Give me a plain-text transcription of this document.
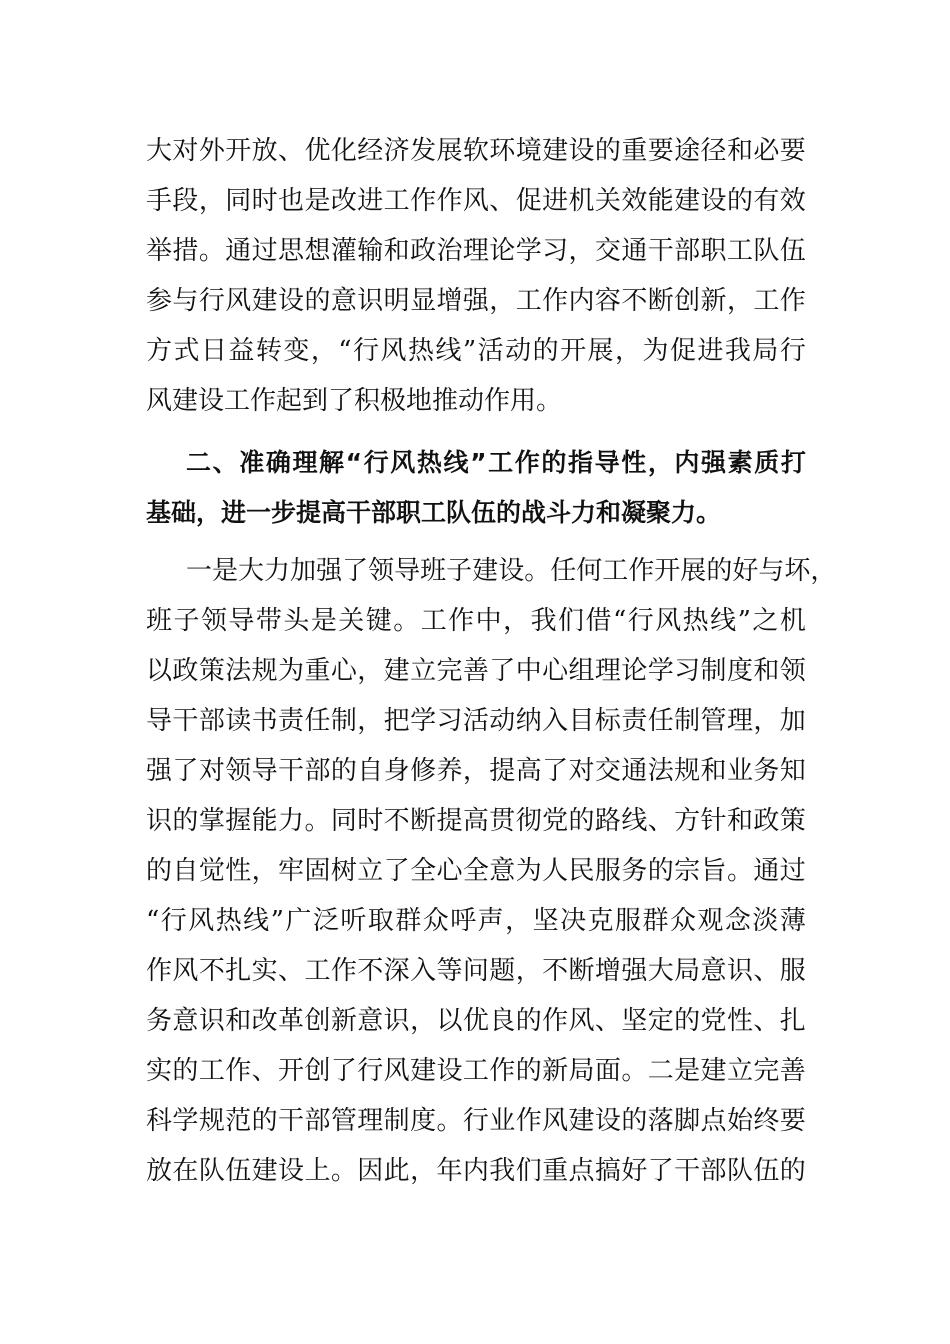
大 对 外 开 放 、 优 化 经 济 发 展 软 环 境 建 设 的 重 要 途 径 和 必 要
手 段 ， 同 时 也 是 改 进 工 作 作 风 、 促 进 机 关 效 能 建 设 的 有 效
举 措 。 通 过 思 想 灌 输 和 政 治 理 论 学 习 ， 交 通 干 部 职 工 队 伍
参 与 行 风 建 设 的 意 识 明 显 增 强 ， 工 作 内 容 不 断 创 新 ， 工 作
方 式 日 益 转 变 ， “ 行 风 热 线 ” 活 动 的 开 展 ， 为 促 进 我 局 行
风建设工作起到了积极地推动作用。
二 、 准 确 理 解 “ 行 风 热 线 ” 工 作 的 指 导 性 ， 内 强 素 质 打
基础，进一步提高干部职工队伍的战斗力和凝聚力。
一 是 大 力 加 强 了 领 导 班 子 建 设 。 任 何 工 作 开 展 的 好 与 坏 ，
班 子 领 导 带 头 是 关 键 。 工 作 中 ， 我 们 借 “ 行 风 热 线 ” 之 机
以 政 策 法 规 为 重 心 ， 建 立 完 善 了 中 心 组 理 论 学 习 制 度 和 领
导 干 部 读 书 责 任 制 ， 把 学 习 活 动 纳 入 目 标 责 任 制 管 理 ， 加
强 了 对 领 导 干 部 的 自 身 修 养 ， 提 高 了 对 交 通 法 规 和 业 务 知
识 的 掌 握 能 力 。 同 时 不 断 提 高 贯 彻 党 的 路 线 、 方 针 和 政 策
的 自 觉 性 ， 牢 固 树 立 了 全 心 全 意 为 人 民 服 务 的 宗 旨 。 通 过
“ 行 风 热 线 ” 广 泛 听 取 群 众 呼 声 ， 坚 决 克 服 群 众 观 念 淡 薄
作 风 不 扎 实 、 工 作 不 深 入 等 问 题 ， 不 断 增 强 大 局 意 识 、 服
务 意 识 和 改 革 创 新 意 识 ， 以 优 良 的 作 风 、 坚 定 的 党 性 、 扎
实 的 工 作 、 开 创 了 行 风 建 设 工 作 的 新 局 面 。 二 是 建 立 完 善
科 学 规 范 的 干 部 管 理 制 度 。 行 业 作 风 建 设 的 落 脚 点 始 终 要
放 在 队 伍 建 设 上 。 因 此 ， 年 内 我 们 重 点 搞 好 了 干 部 队 伍 的
